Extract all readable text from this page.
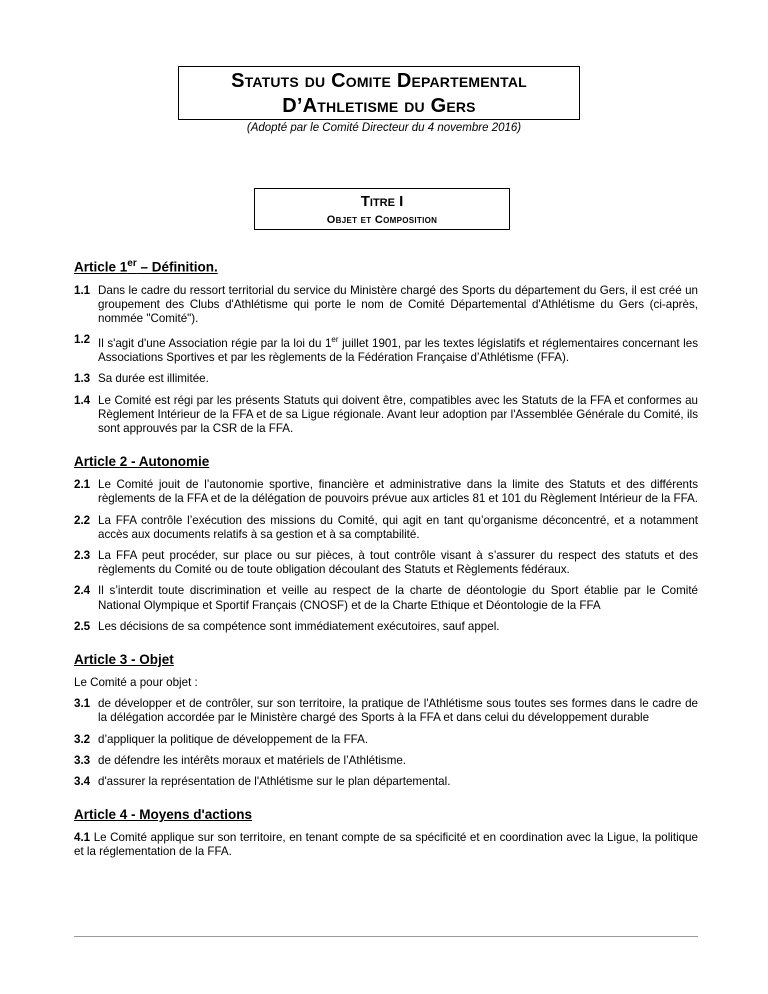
Statuts du Comite Departemental
D’Athletisme du Gers
(Adopté par le Comité Directeur du 4 novembre 2016)
Titre I
Objet et Composition
Article 1er – Définition.
1.1 Dans le cadre du ressort territorial du service du Ministère chargé des Sports du département du Gers, il est créé un groupement des Clubs d'Athlétisme qui porte le nom de Comité Départemental d'Athlétisme du Gers (ci-après, nommée "Comité").
1.2 Il s'agit d'une Association régie par la loi du 1er juillet 1901, par les textes législatifs et réglementaires concernant les Associations Sportives et par les règlements de la Fédération Française d’Athlétisme (FFA).
1.3 Sa durée est illimitée.
1.4 Le Comité est régi par les présents Statuts qui doivent être, compatibles avec les Statuts de la FFA et conformes au Règlement Intérieur de la FFA et de sa Ligue régionale. Avant leur adoption par l'Assemblée Générale du Comité, ils sont approuvés par la CSR de la FFA.
Article 2 - Autonomie
2.1 Le Comité jouit de l’autonomie sportive, financière et administrative dans la limite des Statuts et des différents règlements de la FFA et de la délégation de pouvoirs prévue aux articles 81 et 101 du Règlement Intérieur de la FFA.
2.2 La FFA contrôle l’exécution des missions du Comité, qui agit en tant qu’organisme déconcentré, et a notamment accès aux documents relatifs à sa gestion et à sa comptabilité.
2.3 La FFA peut procéder, sur place ou sur pièces, à tout contrôle visant à s’assurer du respect des statuts et des règlements du Comité ou de toute obligation découlant des Statuts et Règlements fédéraux.
2.4 Il s’interdit toute discrimination et veille au respect de la charte de déontologie du Sport établie par le Comité National Olympique et Sportif Français (CNOSF) et de la Charte Ethique et Déontologie de la FFA
2.5 Les décisions de sa compétence sont immédiatement exécutoires, sauf appel.
Article 3 - Objet
Le Comité a pour objet :
3.1 de développer et de contrôler, sur son territoire, la pratique de l'Athlétisme sous toutes ses formes dans le cadre de la délégation accordée par le Ministère chargé des Sports à la FFA et dans celui du développement durable
3.2 d’appliquer la politique de développement de la FFA.
3.3 de défendre les intérêts moraux et matériels de l’Athlétisme.
3.4 d'assurer la représentation de l'Athlétisme sur le plan départemental.
Article 4 - Moyens d'actions
4.1 Le Comité applique sur son territoire, en tenant compte de sa spécificité et en coordination avec la Ligue, la politique et la réglementation de la FFA.
